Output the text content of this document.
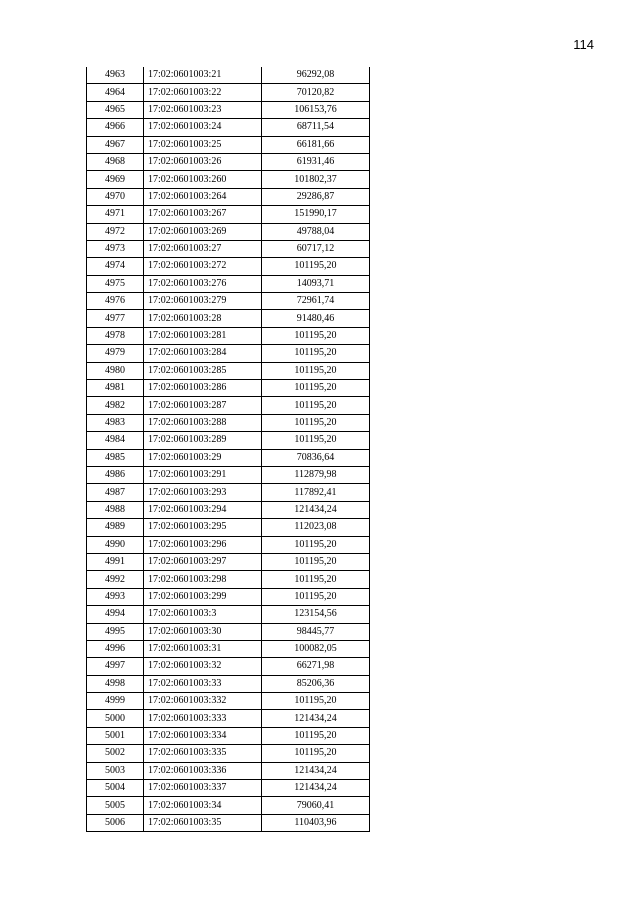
114
4963	17:02:0601003:21	96292,08
4964	17:02:0601003:22	70120,82
4965	17:02:0601003:23	106153,76
4966	17:02:0601003:24	68711,54
4967	17:02:0601003:25	66181,66
4968	17:02:0601003:26	61931,46
4969	17:02:0601003:260	101802,37
4970	17:02:0601003:264	29286,87
4971	17:02:0601003:267	151990,17
4972	17:02:0601003:269	49788,04
4973	17:02:0601003:27	60717,12
4974	17:02:0601003:272	101195,20
4975	17:02:0601003:276	14093,71
4976	17:02:0601003:279	72961,74
4977	17:02:0601003:28	91480,46
4978	17:02:0601003:281	101195,20
4979	17:02:0601003:284	101195,20
4980	17:02:0601003:285	101195,20
4981	17:02:0601003:286	101195,20
4982	17:02:0601003:287	101195,20
4983	17:02:0601003:288	101195,20
4984	17:02:0601003:289	101195,20
4985	17:02:0601003:29	70836,64
4986	17:02:0601003:291	112879,98
4987	17:02:0601003:293	117892,41
4988	17:02:0601003:294	121434,24
4989	17:02:0601003:295	112023,08
4990	17:02:0601003:296	101195,20
4991	17:02:0601003:297	101195,20
4992	17:02:0601003:298	101195,20
4993	17:02:0601003:299	101195,20
4994	17:02:0601003:3	123154,56
4995	17:02:0601003:30	98445,77
4996	17:02:0601003:31	100082,05
4997	17:02:0601003:32	66271,98
4998	17:02:0601003:33	85206,36
4999	17:02:0601003:332	101195,20
5000	17:02:0601003:333	121434,24
5001	17:02:0601003:334	101195,20
5002	17:02:0601003:335	101195,20
5003	17:02:0601003:336	121434,24
5004	17:02:0601003:337	121434,24
5005	17:02:0601003:34	79060,41
5006	17:02:0601003:35	110403,96
